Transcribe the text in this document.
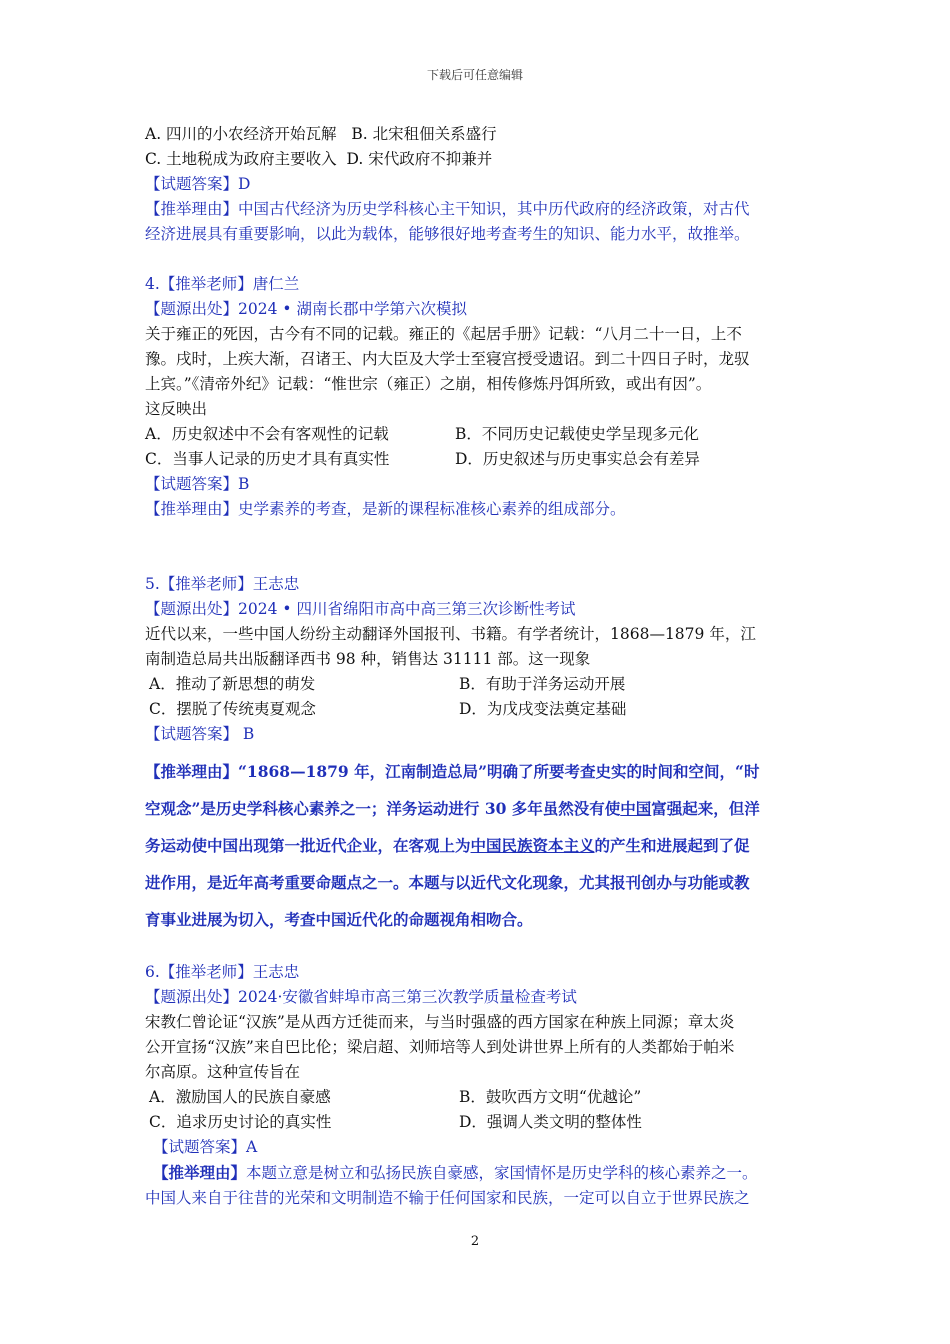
下载后可任意编辑
A. 四川的小农经济开始瓦解 B. 北宋租佃关系盛行
C. 土地税成为政府主要收入 D. 宋代政府不抑兼并
【试题答案】D
【推举理由】中国古代经济为历史学科核心主干知识，其中历代政府的经济政策，对古代
经济进展具有重要影响，以此为载体，能够很好地考查考生的知识、能力水平，故推举。
4.【推举老师】唐仁兰
【题源出处】2024 • 湖南长郡中学第六次模拟
关于雍正的死因，古今有不同的记载。雍正的《起居手册》记载：“八月二十一日，上不
豫。戌时，上疾大渐，召诸王、内大臣及大学士至寝宫授受遗诏。到二十四日子时，龙驭
上宾。”《清帝外纪》记载：“惟世宗（雍正）之崩，相传修炼丹饵所致，或出有因”。
这反映出
A．历史叙述中不会有客观性的记载	B．不同历史记载使史学呈现多元化
C．当事人记录的历史才具有真实性	D．历史叙述与历史事实总会有差异
【试题答案】B
【推举理由】史学素养的考查，是新的课程标准核心素养的组成部分。
5.【推举老师】王志忠
【题源出处】2024 • 四川省绵阳市高中高三第三次诊断性考试
近代以来，一些中国人纷纷主动翻译外国报刊、书籍。有学者统计，1868—1879 年，江
南制造总局共出版翻译西书 98 种，销售达 31111 部。这一现象
A．推动了新思想的萌发	B．有助于洋务运动开展
C．摆脱了传统夷夏观念	D．为戊戌变法奠定基础
【试题答案】 B
【推举理由】“1868—1879 年，江南制造总局”明确了所要考查史实的时间和空间，“时
空观念”是历史学科核心素养之一；洋务运动进行 30 多年虽然没有使中国富强起来，但洋
务运动使中国出现第一批近代企业，在客观上为中国民族资本主义的产生和进展起到了促
进作用，是近年高考重要命题点之一。本题与以近代文化现象，尤其报刊创办与功能或教
育事业进展为切入，考查中国近代化的命题视角相吻合。
6.【推举老师】王志忠
【题源出处】2024·安徽省蚌埠市高三第三次教学质量检查考试
宋教仁曾论证“汉族”是从西方迁徙而来，与当时强盛的西方国家在种族上同源；章太炎
公开宣扬“汉族”来自巴比伦；梁启超、刘师培等人到处讲世界上所有的人类都始于帕米
尔高原。这种宣传旨在
A．激励国人的民族自豪感	B．鼓吹西方文明“优越论”
C．追求历史讨论的真实性	D．强调人类文明的整体性
【试题答案】A
【推举理由】本题立意是树立和弘扬民族自豪感，家国情怀是历史学科的核心素养之一。
中国人来自于往昔的光荣和文明制造不输于任何国家和民族，一定可以自立于世界民族之
2
